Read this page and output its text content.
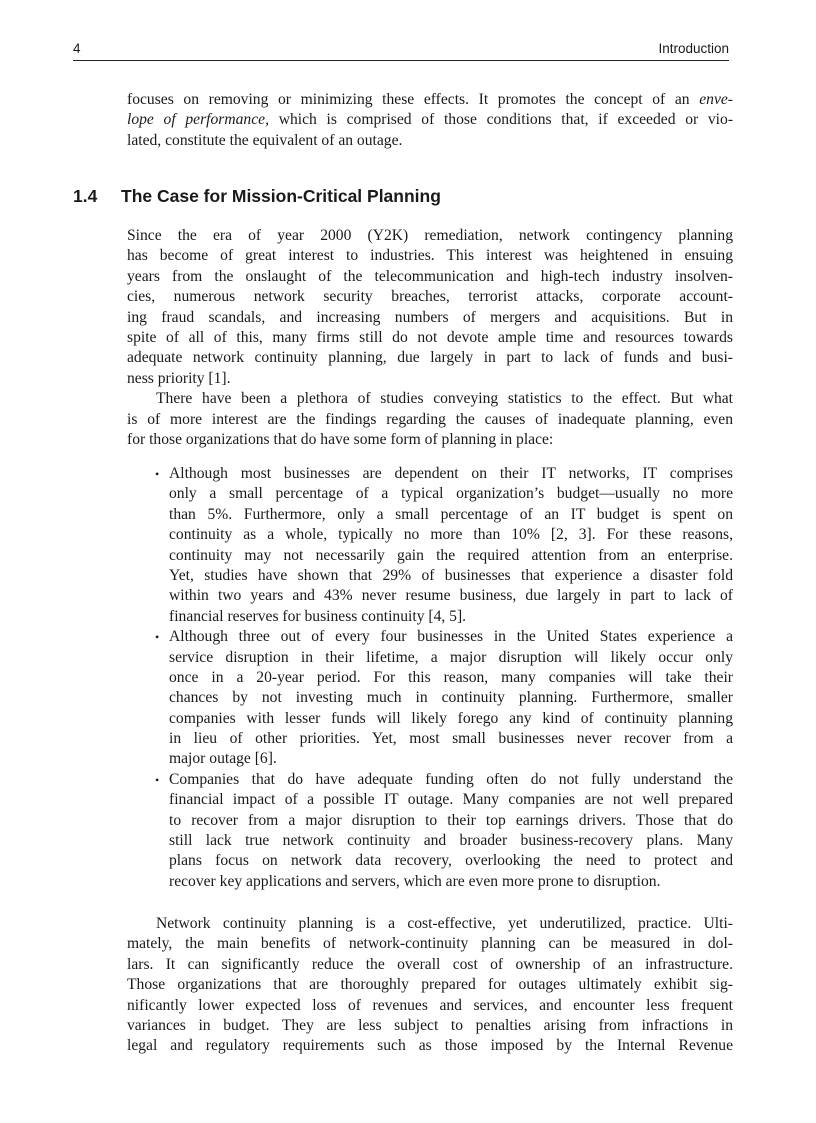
4	Introduction
focuses on removing or minimizing these effects. It promotes the concept of an enve-
lope of performance, which is comprised of those conditions that, if exceeded or vio-
lated, constitute the equivalent of an outage.
1.4 The Case for Mission-Critical Planning
Since the era of year 2000 (Y2K) remediation, network contingency planning
has become of great interest to industries. This interest was heightened in ensuing
years from the onslaught of the telecommunication and high-tech industry insolven-
cies, numerous network security breaches, terrorist attacks, corporate account-
ing fraud scandals, and increasing numbers of mergers and acquisitions. But in
spite of all of this, many firms still do not devote ample time and resources towards
adequate network continuity planning, due largely in part to lack of funds and busi-
ness priority [1].
There have been a plethora of studies conveying statistics to the effect. But what
is of more interest are the findings regarding the causes of inadequate planning, even
for those organizations that do have some form of planning in place:
• Although most businesses are dependent on their IT networks, IT comprises
only a small percentage of a typical organization’s budget—usually no more
than 5%. Furthermore, only a small percentage of an IT budget is spent on
continuity as a whole, typically no more than 10% [2, 3]. For these reasons,
continuity may not necessarily gain the required attention from an enterprise.
Yet, studies have shown that 29% of businesses that experience a disaster fold
within two years and 43% never resume business, due largely in part to lack of
financial reserves for business continuity [4, 5].
• Although three out of every four businesses in the United States experience a
service disruption in their lifetime, a major disruption will likely occur only
once in a 20-year period. For this reason, many companies will take their
chances by not investing much in continuity planning. Furthermore, smaller
companies with lesser funds will likely forego any kind of continuity planning
in lieu of other priorities. Yet, most small businesses never recover from a
major outage [6].
• Companies that do have adequate funding often do not fully understand the
financial impact of a possible IT outage. Many companies are not well prepared
to recover from a major disruption to their top earnings drivers. Those that do
still lack true network continuity and broader business-recovery plans. Many
plans focus on network data recovery, overlooking the need to protect and
recover key applications and servers, which are even more prone to disruption.
Network continuity planning is a cost-effective, yet underutilized, practice. Ulti-
mately, the main benefits of network-continuity planning can be measured in dol-
lars. It can significantly reduce the overall cost of ownership of an infrastructure.
Those organizations that are thoroughly prepared for outages ultimately exhibit sig-
nificantly lower expected loss of revenues and services, and encounter less frequent
variances in budget. They are less subject to penalties arising from infractions in
legal and regulatory requirements such as those imposed by the Internal Revenue
